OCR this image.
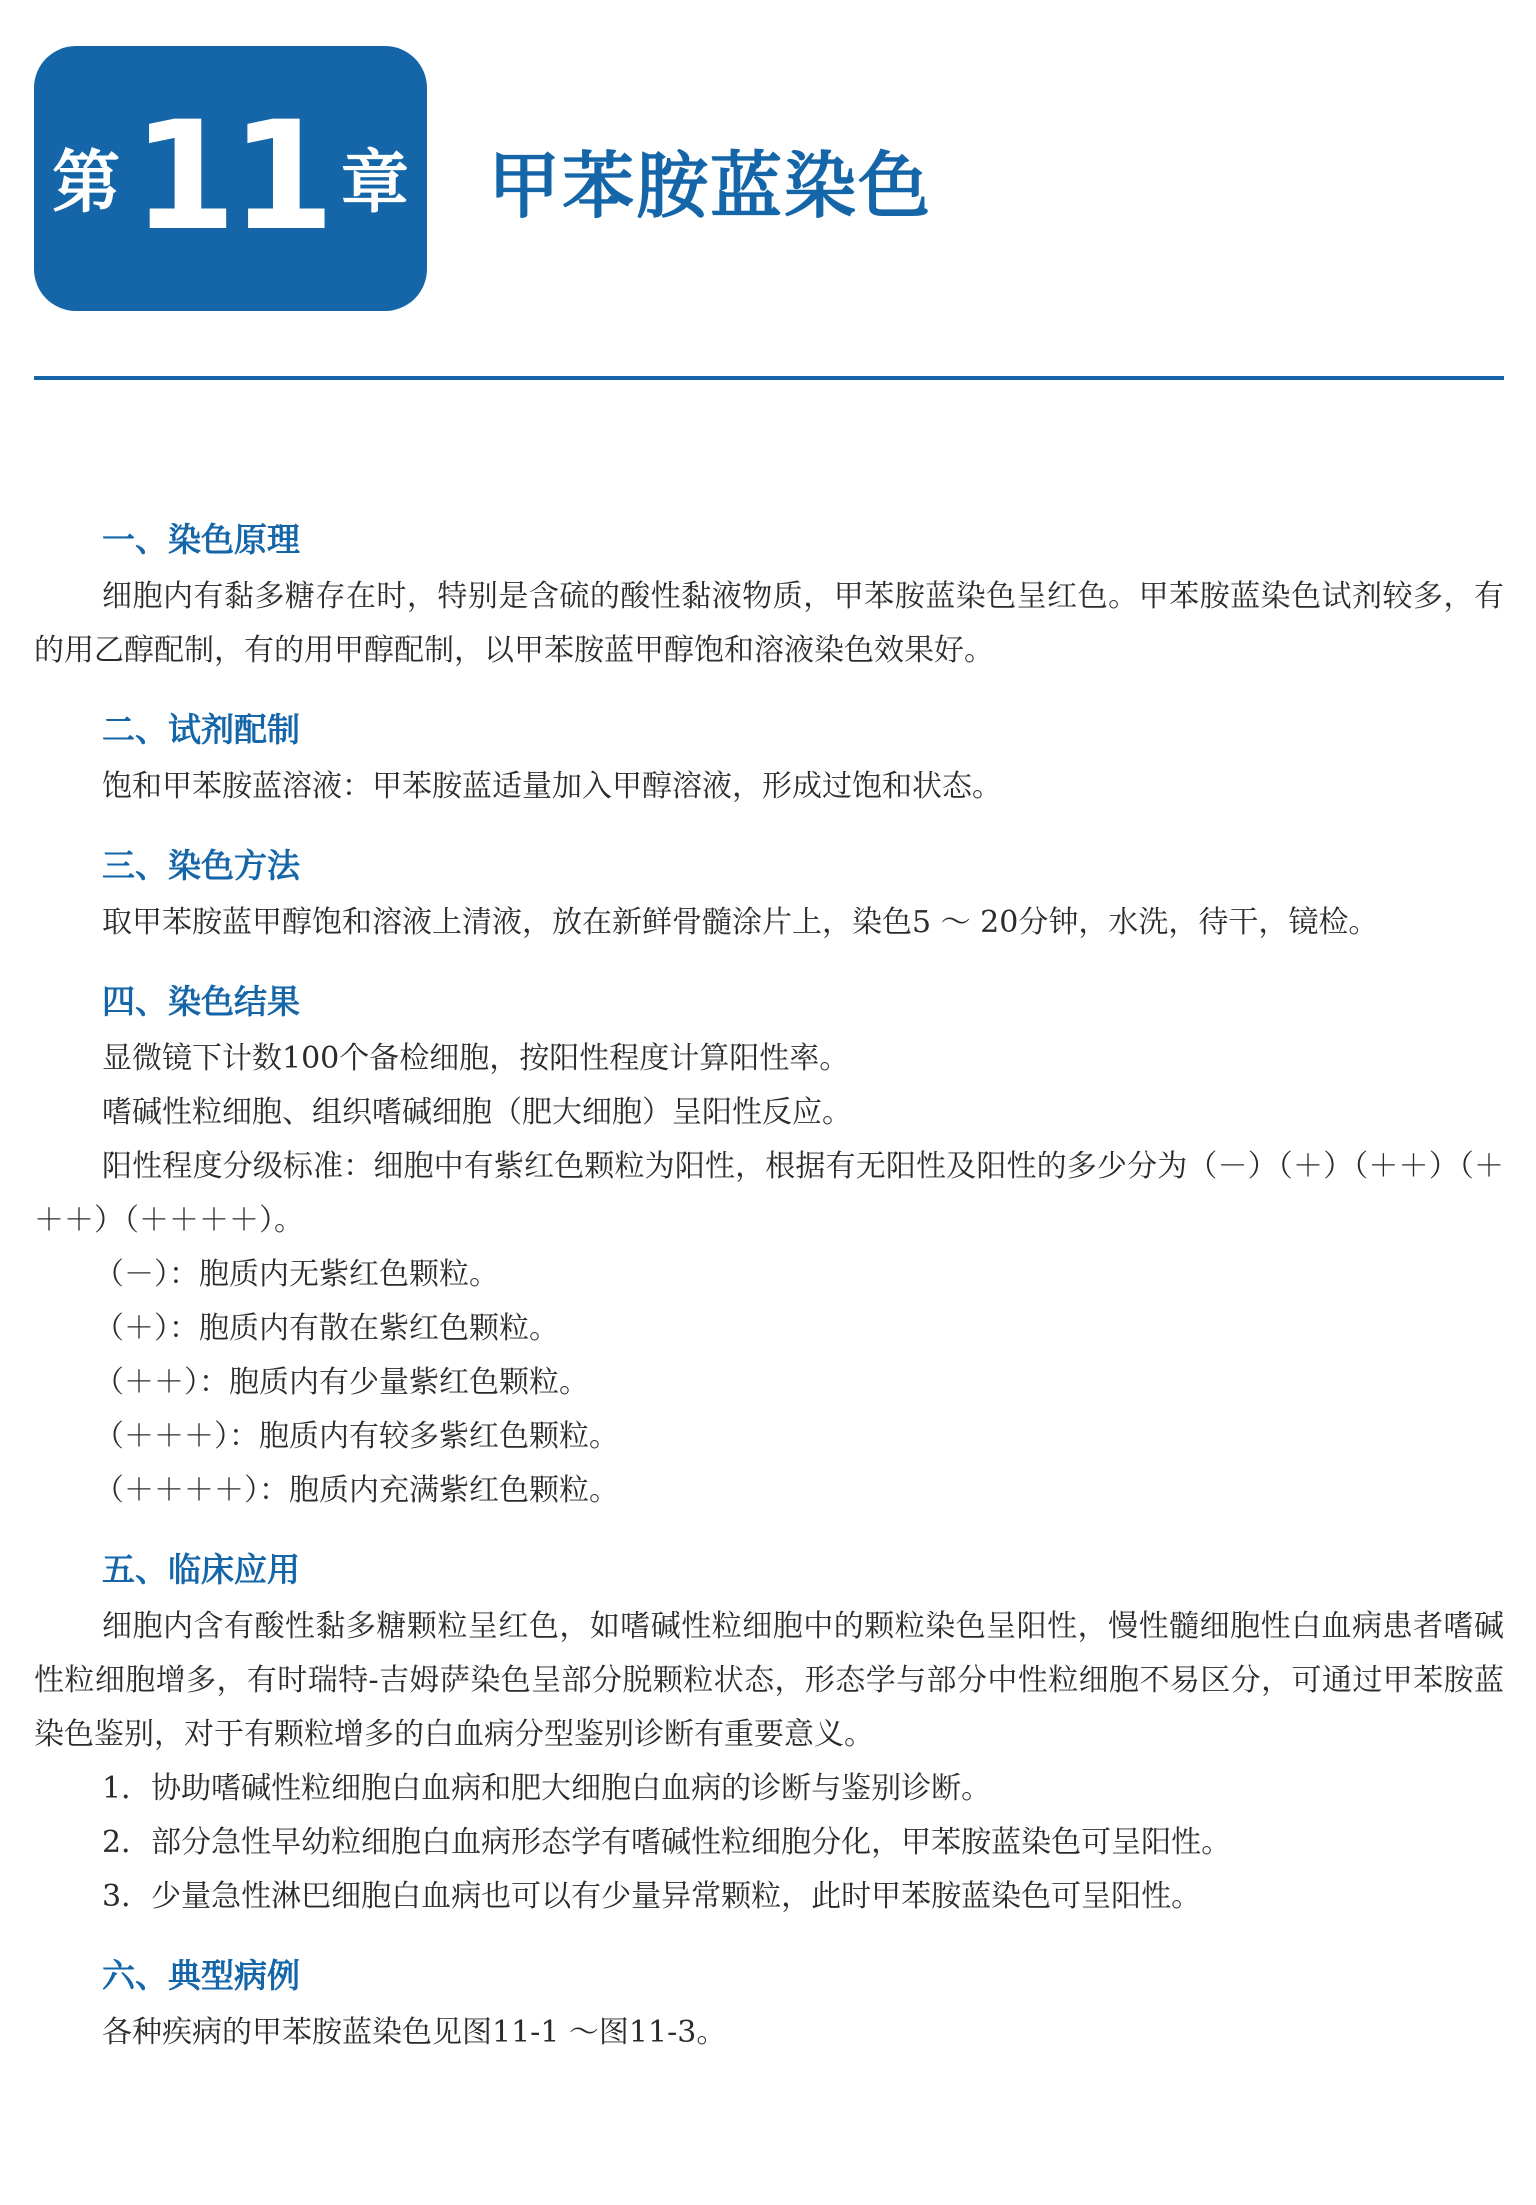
第 11 章 甲苯胺蓝染色
一、染色原理

细胞内有黏多糖存在时，特别是含硫的酸性黏液物质，甲苯胺蓝染色呈红色。甲苯胺蓝染色试剂较多，有的用乙醇配制，有的用甲醇配制，以甲苯胺蓝甲醇饱和溶液染色效果好。

二、试剂配制

饱和甲苯胺蓝溶液：甲苯胺蓝适量加入甲醇溶液，形成过饱和状态。

三、染色方法

取甲苯胺蓝甲醇饱和溶液上清液，放在新鲜骨髓涂片上，染色5 ～ 20分钟，水洗，待干，镜检。

四、染色结果

显微镜下计数100个备检细胞，按阳性程度计算阳性率。

嗜碱性粒细胞、组织嗜碱细胞（肥大细胞）呈阳性反应。

阳性程度分级标准：细胞中有紫红色颗粒为阳性，根据有无阳性及阳性的多少分为（－）（＋）（＋＋）（＋＋＋）（＋＋＋＋）。

（－）：胞质内无紫红色颗粒。

（＋）：胞质内有散在紫红色颗粒。

（＋＋）：胞质内有少量紫红色颗粒。

（＋＋＋）：胞质内有较多紫红色颗粒。

（＋＋＋＋）：胞质内充满紫红色颗粒。

五、临床应用

细胞内含有酸性黏多糖颗粒呈红色，如嗜碱性粒细胞中的颗粒染色呈阳性，慢性髓细胞性白血病患者嗜碱性粒细胞增多，有时瑞特-吉姆萨染色呈部分脱颗粒状态，形态学与部分中性粒细胞不易区分，可通过甲苯胺蓝染色鉴别，对于有颗粒增多的白血病分型鉴别诊断有重要意义。

1．协助嗜碱性粒细胞白血病和肥大细胞白血病的诊断与鉴别诊断。

2．部分急性早幼粒细胞白血病形态学有嗜碱性粒细胞分化，甲苯胺蓝染色可呈阳性。

3．少量急性淋巴细胞白血病也可以有少量异常颗粒，此时甲苯胺蓝染色可呈阳性。

六、典型病例

各种疾病的甲苯胺蓝染色见图11-1 ～图11-3。
